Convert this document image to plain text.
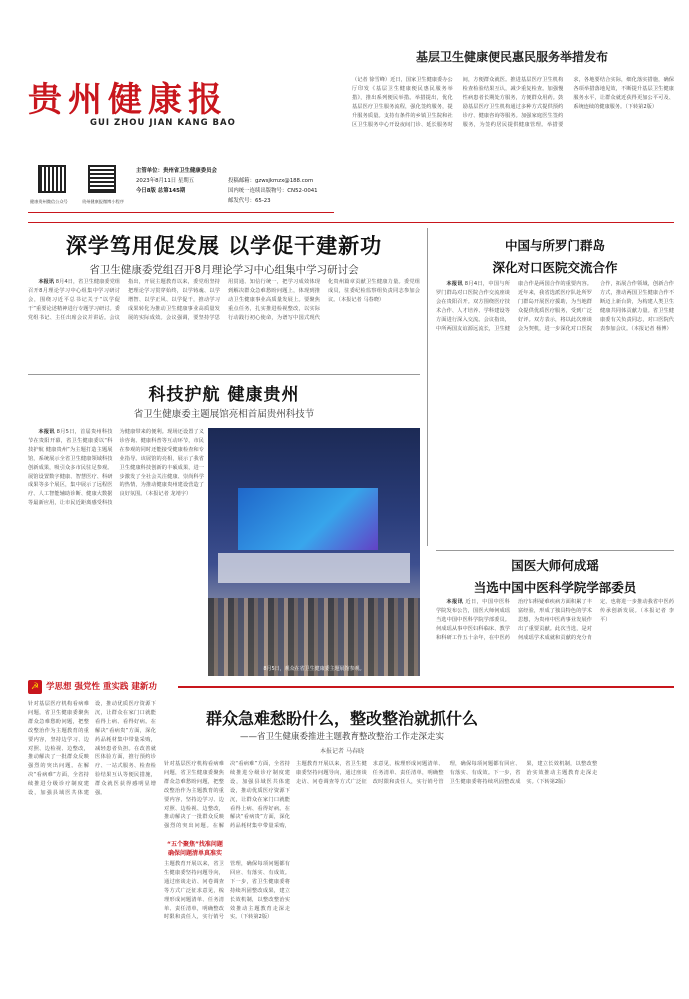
贵州健康报
GUI ZHOU JIAN KANG BAO
健康贵州微信公众号	贵州健康报微博小程序
主管单位：贵州省卫生健康委员会
2023年8月11日 星期五	投稿邮箱：gzwsjkmzx@188.com
今日8版 总第145期	国内统一连续出版物号：CN52-0041
邮发代号：65-23
基层卫生健康便民惠民服务举措发布
（记者 徐雪峰）近日，国家卫生健康委办公厅印发《基层卫生健康便民惠民服务举措》，推出系列便民举措。举措提出，优化基层医疗卫生服务流程，强化签约服务，提升服务质量。支持有条件的乡镇卫生院和社区卫生服务中心开设夜间门诊、延长服务时间，方便群众就医。推进基层医疗卫生机构检查检验结果互认，减少重复检查。加强慢性病患者长期处方服务，方便群众用药。鼓励基层医疗卫生机构通过多种方式提供预约诊疗、健康咨询等服务。加强家庭医生签约服务，为签约居民提供健康管理。举措要求，各地要结合实际，细化落实措施，确保各项举措落地见效，不断提升基层卫生健康服务水平，让群众就近获得更加公平可及、系统连续的健康服务。（下转第2版）
深学笃用促发展 以学促干建新功
省卫生健康委党组召开8月理论学习中心组集中学习研讨会

本报讯 8月4日，省卫生健康委党组召开8月理论学习中心组集中学习研讨会，围绕习近平总书记关于“以学促干”重要论述精神进行专题学习研讨。委党组书记、主任出席会议并讲话。会议指出，开展主题教育以来，委党组坚持把理论学习贯穿始终，以学铸魂、以学增智、以学正风、以学促干，推动学习成果转化为推动卫生健康事业高质量发展的实际成效。会议强调，要坚持学思用贯通、知信行统一，把学习成效体现到解决群众急难愁盼问题上，体现到推动卫生健康事业高质量发展上。要聚焦重点任务，扎实推进检视整改，以实际行动践行初心使命，为谱写中国式现代化贵州篇章贡献卫生健康力量。委党组成员，驻委纪检监察组负责同志参加会议。（本报记者 马春晓）

中国与所罗门群岛
深化对口医院交流合作

本报讯 8月4日，中国与所罗门群岛对口医院合作交流座谈会在贵阳召开。双方围绕医疗技术合作、人才培养、学科建设等方面进行深入交流。会议指出，中所两国友谊源远流长，卫生健康合作是两国合作的重要内容。近年来，我省选派医疗队赴所罗门群岛开展医疗援助，为当地群众提供优质医疗服务，受到广泛好评。双方表示，将以此次座谈会为契机，进一步深化对口医院合作，拓展合作领域，创新合作方式，推动两国卫生健康合作不断迈上新台阶，为构建人类卫生健康共同体贡献力量。省卫生健康委有关负责同志，对口医院代表参加会议。（本报记者 杨博）

科技护航 健康贵州
省卫生健康委主题展馆亮相首届贵州科技节

本报讯 8月5日，首届贵州科技节在贵阳开幕，省卫生健康委以“科技护航 健康贵州”为主题打造主题展馆，系统展示全省卫生健康领域科技创新成果，吸引众多市民驻足参观。展馆设置数字健康、智慧医疗、科研成果等多个展区，集中展示了远程医疗、人工智能辅助诊断、健康大数据等最新应用，让市民近距离感受科技为健康带来的便利。现场还设置了义诊咨询、健康科普等互动环节，市民在参观的同时还能接受健康检查和专业指导。该展馆的亮相，展示了我省卫生健康科技创新的丰硕成果，进一步激发了全社会关注健康、崇尚科学的热情，为推动健康贵州建设营造了良好氛围。（本报记者 龙靖宇）

8月5日，观众在省卫生健康委主题展馆参观。
国医大师何成瑶
当选中国中医科学院学部委员

本报讯 近日，中国中医科学院发布公告，国医大师何成瑶当选中国中医科学院学部委员。何成瑶从事中医妇科临床、教学和科研工作五十余年，在中医药治疗妇科疑难疾病方面积累了丰富经验，形成了独具特色的学术思想，为贵州中医药事业发展作出了重要贡献。此次当选，是对何成瑶学术成就和贡献的充分肯定，也将进一步推动我省中医药传承创新发展。（本报记者 李平）

☭ 学思想 强党性 重实践 建新功
针对基层医疗机构看病难问题，省卫生健康委聚焦群众急难愁盼问题，把整改整治作为主题教育的重要内容，坚持边学习、边对照、边检视、边整改，推动解决了一批群众反映强烈的突出问题。在解决“看病难”方面，全省持续推进分级诊疗制度建设，加强县域医共体建设，推动优质医疗资源下沉，让群众在家门口就能看得上病、看得好病。在解决“看病贵”方面，深化药品耗材集中带量采购，减轻患者负担。在改善就医体验方面，推行预约诊疗、一站式服务、检查检验结果互认等便民措施，群众就医获得感明显增强。
群众急难愁盼什么，整改整治就抓什么
——省卫生健康委推进主题教育整改整治工作走深走实
本报记者 马春晓
针对基层医疗机构看病难问题，省卫生健康委聚焦群众急难愁盼问题，把整改整治作为主题教育的重要内容，坚持边学习、边对照、边检视、边整改，推动解决了一批群众反映强烈的突出问题。在解决“看病难”方面，全省持续推进分级诊疗制度建设，加强县域医共体建设，推动优质医疗资源下沉，让群众在家门口就能看得上病、看得好病。在解决“看病贵”方面，深化药品耗材集中带量采购，
“五个聚焦”找准问题 确保问题清单真准实
主题教育开展以来，省卫生健康委坚持问题导向，通过座谈走访、问卷调查等方式广泛征求意见，梳理形成问题清单、任务清单、责任清单，明确整改时限和责任人，实行销号管理，确保每项问题都有回应、有落实、有成效。下一步，省卫生健康委将持续巩固整改成果，建立长效机制，以整改整治实效推动主题教育走深走实。（下转第2版）
主题教育开展以来，省卫生健康委坚持问题导向，通过座谈走访、问卷调查等方式广泛征求意见，梳理形成问题清单、任务清单、责任清单，明确整改时限和责任人，实行销号管理，确保每项问题都有回应、有落实、有成效。下一步，省卫生健康委将持续巩固整改成果，建立长效机制，以整改整治实效推动主题教育走深走实。（下转第2版）
